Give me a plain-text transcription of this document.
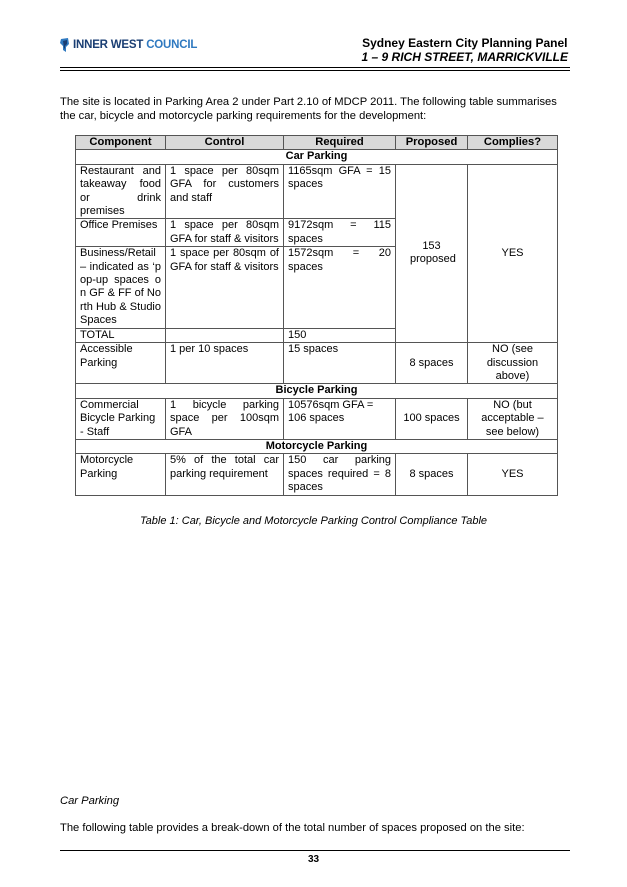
INNER WEST COUNCIL	Sydney Eastern City Planning Panel
1 – 9 RICH STREET, MARRICKVILLE
The site is located in Parking Area 2 under Part 2.10 of MDCP 2011. The following table summarises the car, bicycle and motorcycle parking requirements for the development:
Component	Control	Required	Proposed	Complies?
Car Parking				
Restaurant and takeaway food or drink premises	1 space per 80sqm GFA for customers and staff	1165sqm GFA = 15 spaces	153 proposed	YES
Office Premises	1 space per 80sqm GFA for staff & visitors	9172sqm = 115 spaces		
Business/Retail – indicated as ‘pop-up spaces on GF & FF of North Hub & Studio Spaces	1 space per 80sqm of GFA for staff & visitors	1572sqm = 20 spaces		
TOTAL		150		
Accessible Parking	1 per 10 spaces	15 spaces	8 spaces	NO (see discussion above)
Bicycle Parking				
Commercial Bicycle Parking - Staff	1 bicycle parking space per 100sqm GFA	10576sqm GFA = 106 spaces	100 spaces	NO (but acceptable – see below)
Motorcycle Parking				
Motorcycle Parking	5% of the total car parking requirement	150 car parking spaces required = 8 spaces	8 spaces	YES
Table 1: Car, Bicycle and Motorcycle Parking Control Compliance Table
Car Parking
The following table provides a break-down of the total number of spaces proposed on the site:
33
